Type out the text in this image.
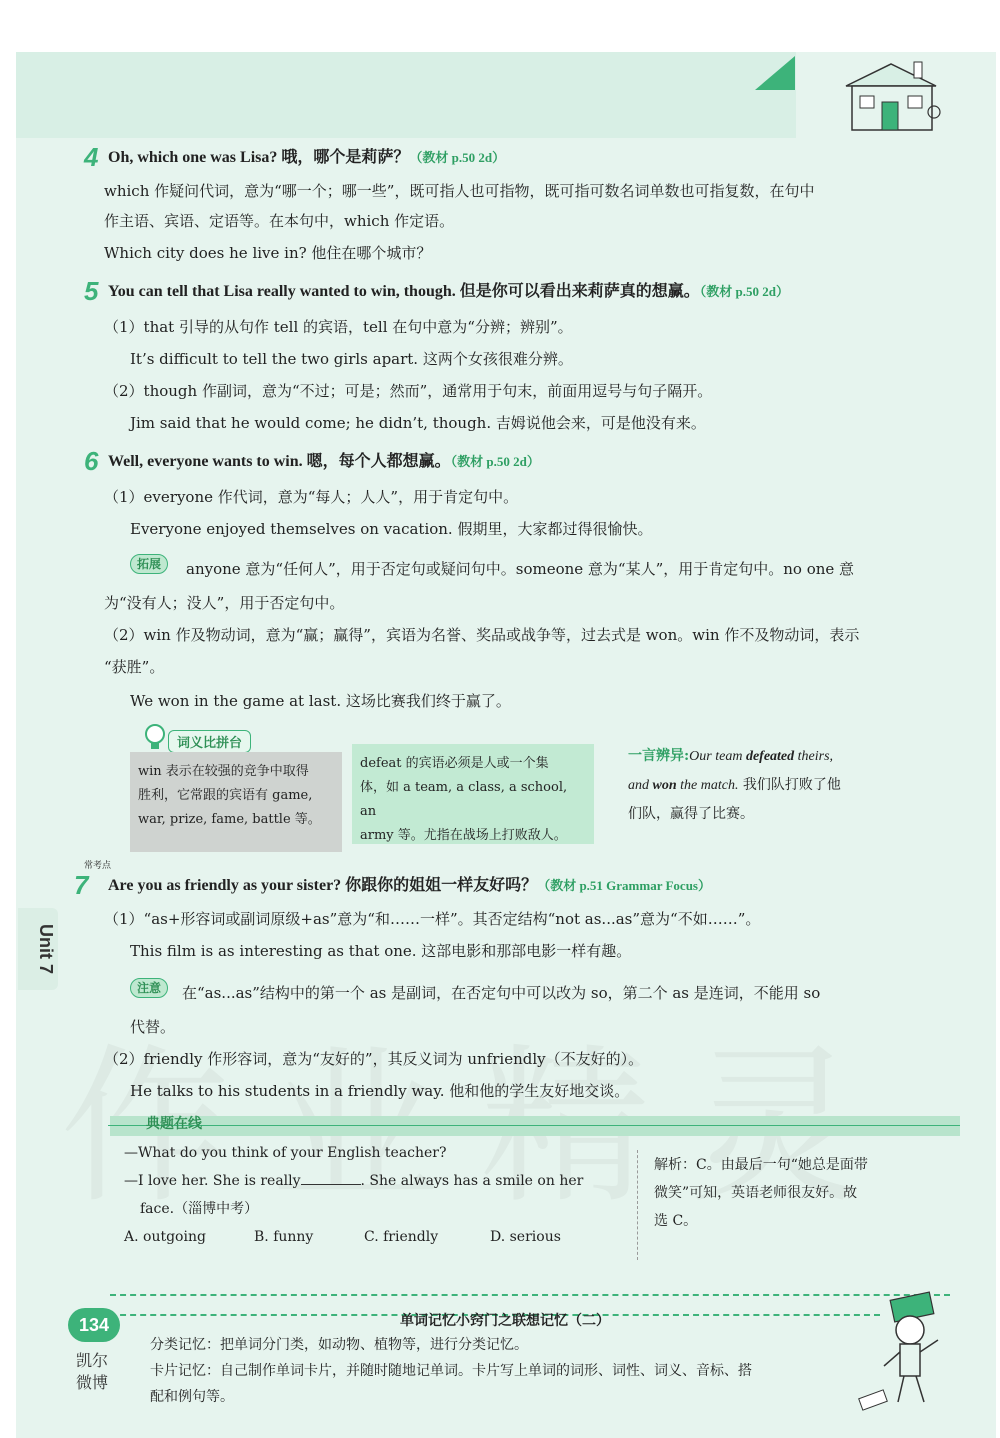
4 Oh, which one was Lisa? 哦，哪个是莉萨？（教材 p.50 2d）
which 作疑问代词，意为“哪一个；哪一些”，既可指人也可指物，既可指可数名词单数也可指复数，在句中
作主语、宾语、定语等。在本句中，which 作定语。
Which city does he live in? 他住在哪个城市？
5 You can tell that Lisa really wanted to win, though. 但是你可以看出来莉萨真的想赢。（教材 p.50 2d）
（1）that 引导的从句作 tell 的宾语，tell 在句中意为“分辨；辨别”。
It’s difficult to tell the two girls apart. 这两个女孩很难分辨。
（2）though 作副词，意为“不过；可是；然而”，通常用于句末，前面用逗号与句子隔开。
Jim said that he would come; he didn’t, though. 吉姆说他会来，可是他没有来。
6 Well, everyone wants to win. 嗯，每个人都想赢。（教材 p.50 2d）
（1）everyone 作代词，意为“每人；人人”，用于肯定句中。
Everyone enjoyed themselves on vacation. 假期里，大家都过得很愉快。
拓展	anyone 意为“任何人”，用于否定句或疑问句中。someone 意为“某人”，用于肯定句中。no one 意
为“没有人；没人”，用于否定句中。
（2）win 作及物动词，意为“赢；赢得”，宾语为名誉、奖品或战争等，过去式是 won。win 作不及物动词，表示
“获胜”。
We won in the game at last. 这场比赛我们终于赢了。
词义比拼台
win 表示在较强的竞争中取得
胜利，它常跟的宾语有 game,
war, prize, fame, battle 等。
defeat 的宾语必须是人或一个集
体，如 a team, a class, a school, an
army 等。尤指在战场上打败敌人。
一言辨异:Our team defeated theirs, and won the match. 我们队打败了他们队，赢得了比赛。
常考点
7 Are you as friendly as your sister? 你跟你的姐姐一样友好吗？（教材 p.51 Grammar Focus）
（1）“as+形容词或副词原级+as”意为“和……一样”。其否定结构“not as...as”意为“不如……”。
This film is as interesting as that one. 这部电影和那部电影一样有趣。
注意	在“as...as”结构中的第一个 as 是副词，在否定句中可以改为 so，第二个 as 是连词，不能用 so
代替。
（2）friendly 作形容词，意为“友好的”，其反义词为 unfriendly（不友好的）。
He talks to his students in a friendly way. 他和他的学生友好地交谈。
Unit 7
典题在线
—What do you think of your English teacher?
—I love her. She is really	. She always has a smile on her
face.（淄博中考）
A. outgoing	B. funny	C. friendly	D. serious
解析：C。由最后一句“她总是面带
微笑”可知，英语老师很友好。故
选 C。
134
凯尔微博
单词记忆小窍门之联想记忆（二）
分类记忆：把单词分门类，如动物、植物等，进行分类记忆。
卡片记忆：自己制作单词卡片，并随时随地记单词。卡片写上单词的词形、词性、词义、音标、搭
配和例句等。
